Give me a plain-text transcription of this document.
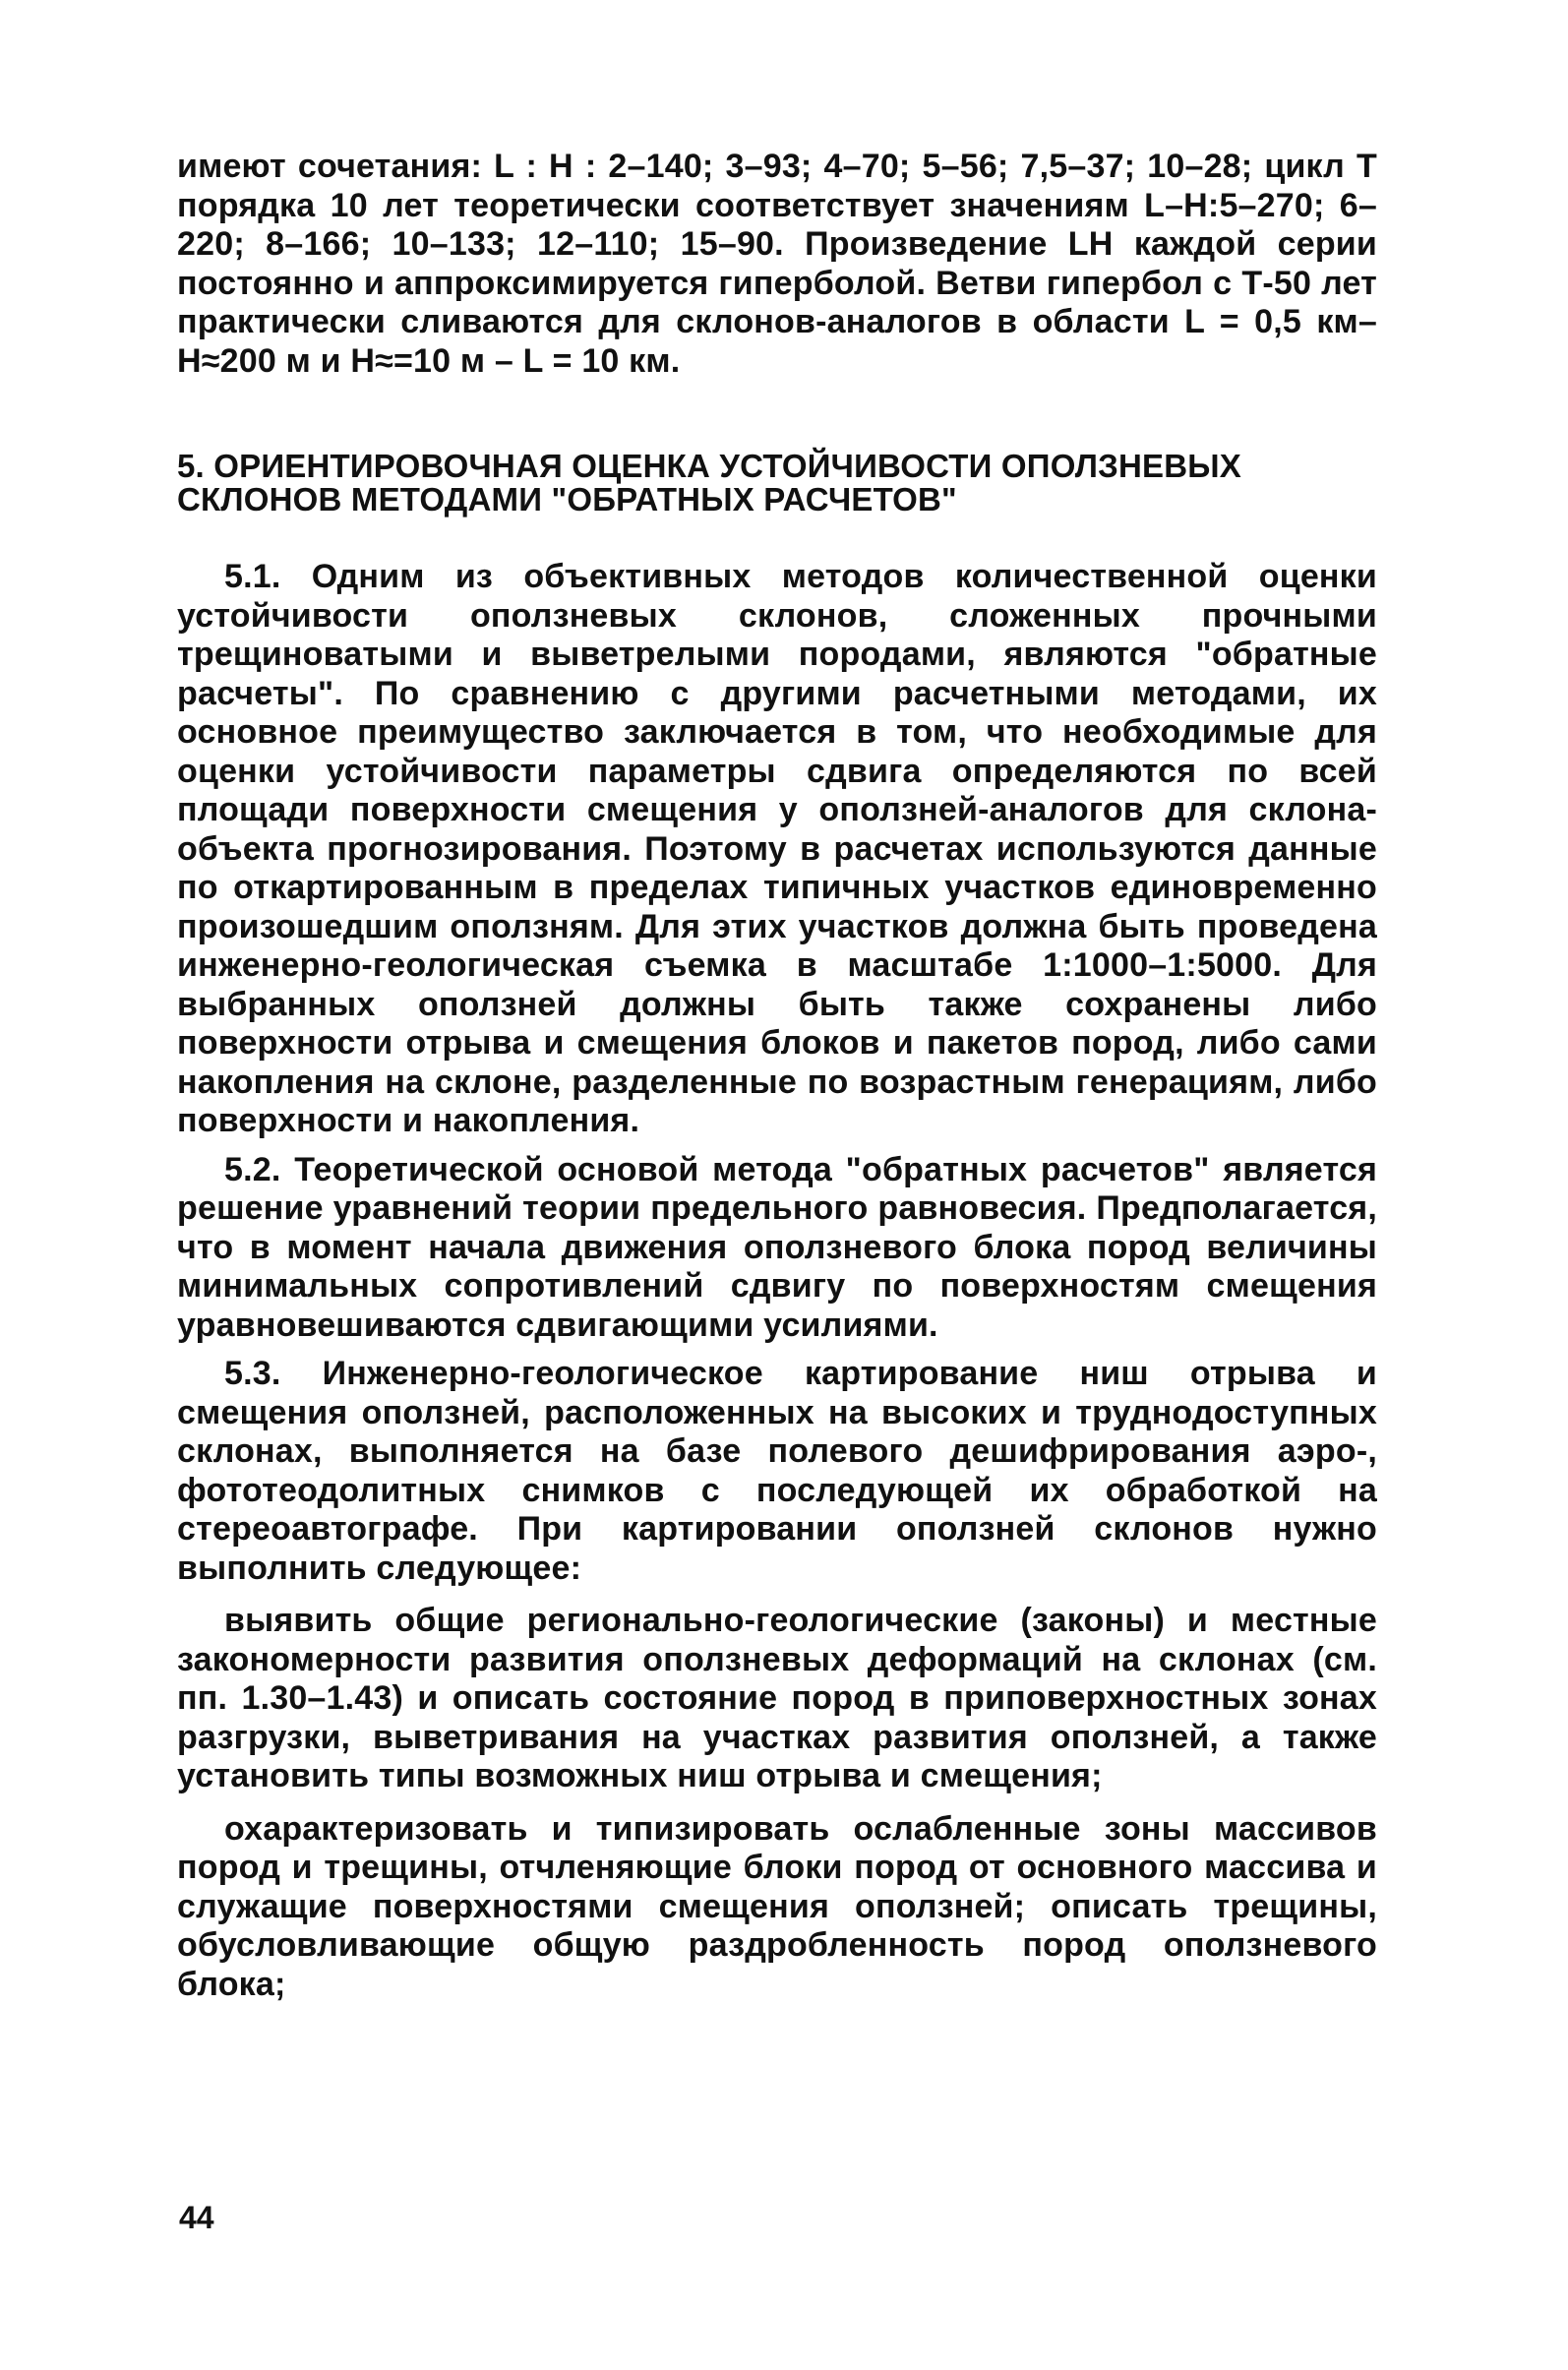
имеют сочетания: L : H : 2–140; 3–93; 4–70; 5–56; 7,5–37; 10–28; цикл Т порядка 10 лет теоретически соответствует значениям L–H:5–270; 6–220; 8–166; 10–133; 12–110; 15–90. Произведение LH каждой серии постоянно и аппроксимируется гиперболой. Ветви гипербол с Т-50 лет практически сливаются для склонов-аналогов в области L = 0,5 км–Н≈200 м и Н≈=10 м – L = 10 км.

5. ОРИЕНТИРОВОЧНАЯ ОЦЕНКА УСТОЙЧИВОСТИ ОПОЛЗНЕВЫХ СКЛОНОВ МЕТОДАМИ "ОБРАТНЫХ РАСЧЕТОВ"

5.1. Одним из объективных методов количественной оценки устойчивости оползневых склонов, сложенных прочными трещиноватыми и выветрелыми породами, являются "обратные расчеты". По сравнению с другими расчетными методами, их основное преимущество заключается в том, что необходимые для оценки устойчивости параметры сдвига определяются по всей площади поверхности смещения у оползней-аналогов для склона-объекта прогнозирования. Поэтому в расчетах используются данные по откартированным в пределах типичных участков единовременно произошедшим оползням. Для этих участков должна быть проведена инженерно-геологическая съемка в масштабе 1:1000–1:5000. Для выбранных оползней должны быть также сохранены либо поверхности отрыва и смещения блоков и пакетов пород, либо сами накопления на склоне, разделенные по возрастным генерациям, либо поверхности и накопления.

5.2. Теоретической основой метода "обратных расчетов" является решение уравнений теории предельного равновесия. Предполагается, что в момент начала движения оползневого блока пород величины минимальных сопротивлений сдвигу по поверхностям смещения уравновешиваются сдвигающими усилиями.

5.3. Инженерно-геологическое картирование ниш отрыва и смещения оползней, расположенных на высоких и труднодоступных склонах, выполняется на базе полевого дешифрирования аэро-, фототеодолитных снимков с последующей их обработкой на стереоавтографе. При картировании оползней склонов нужно выполнить следующее:

выявить общие регионально-геологические (законы) и местные закономерности развития оползневых деформаций на склонах (см. пп. 1.30–1.43) и описать состояние пород в приповерхностных зонах разгрузки, выветривания на участках развития оползней, а также установить типы возможных ниш отрыва и смещения;

охарактеризовать и типизировать ослабленные зоны массивов пород и трещины, отчленяющие блоки пород от основного массива и служащие поверхностями смещения оползней; описать трещины, обусловливающие общую раздробленность пород оползневого блока;

44
